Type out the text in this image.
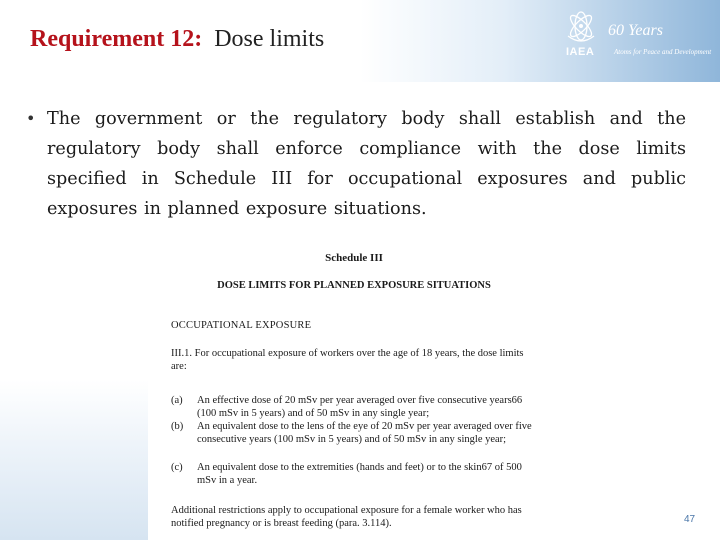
Requirement 12: Dose limits	IAEA
60 Years
Atoms for Peace and Development
• The government or the regulatory body shall establish and the regulatory body shall enforce compliance with the dose limits specified in Schedule III for occupational exposures and public exposures in planned exposure situations.
Schedule III
DOSE LIMITS FOR PLANNED EXPOSURE SITUATIONS
OCCUPATIONAL EXPOSURE
III.1. For occupational exposure of workers over the age of 18 years, the dose limits are:
(a)	An effective dose of 20 mSv per year averaged over five consecutive years66 (100 mSv in 5 years) and of 50 mSv in any single year;
(b)	An equivalent dose to the lens of the eye of 20 mSv per year averaged over five consecutive years (100 mSv in 5 years) and of 50 mSv in any single year;
(c)	An equivalent dose to the extremities (hands and feet) or to the skin67 of 500 mSv in a year.
Additional restrictions apply to occupational exposure for a female worker who has notified pregnancy or is breast feeding (para. 3.114).	47
